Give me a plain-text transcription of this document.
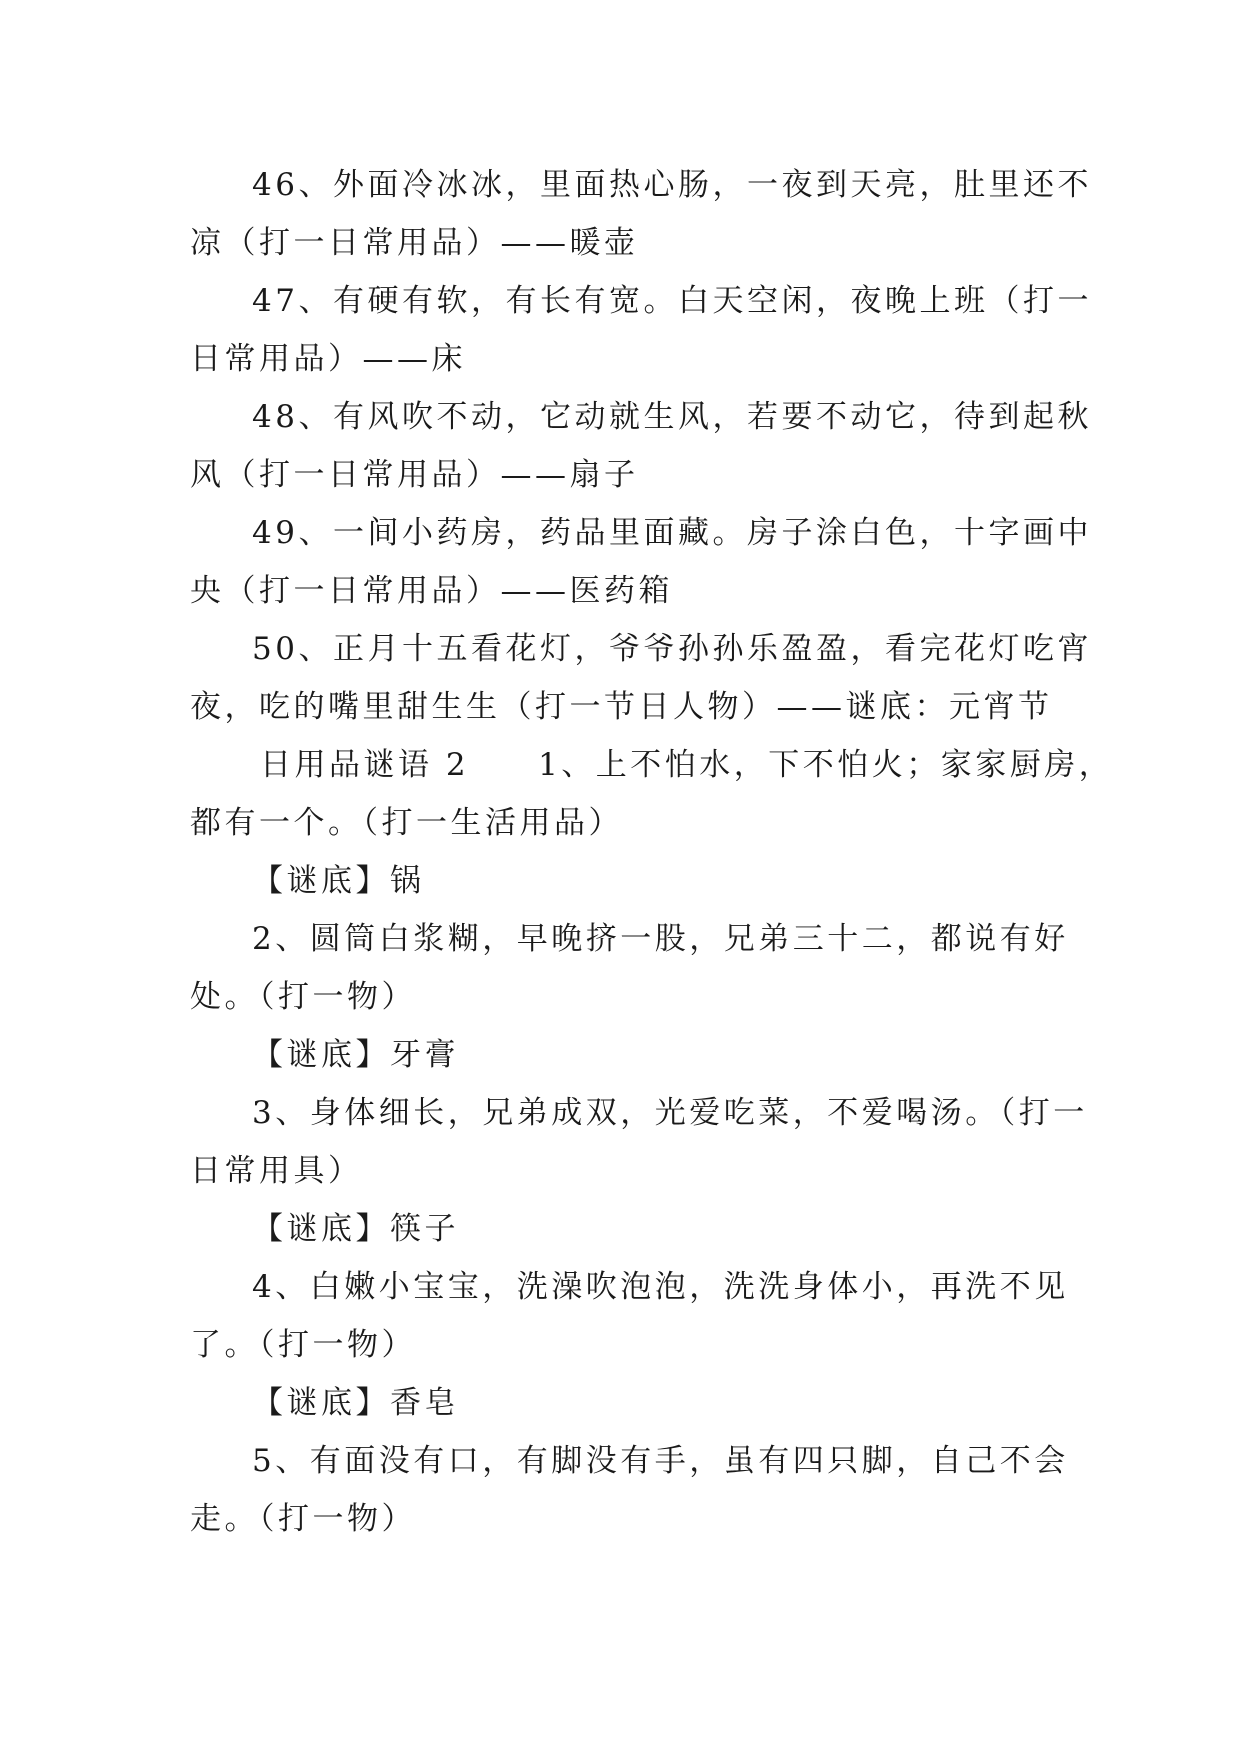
46、外面冷冰冰，里面热心肠，一夜到天亮，肚里还不
凉（打一日常用品）——暖壶
47、有硬有软，有长有宽。白天空闲，夜晚上班（打一
日常用品）——床
48、有风吹不动，它动就生风，若要不动它，待到起秋
风（打一日常用品）——扇子
49、一间小药房，药品里面藏。房子涂白色，十字画中
央（打一日常用品）——医药箱
50、正月十五看花灯，爷爷孙孙乐盈盈，看完花灯吃宵
夜，吃的嘴里甜生生（打一节日人物）——谜底：元宵节
日用品谜语 2　　1、上不怕水，下不怕火；家家厨房，
都有一个。（打一生活用品）
【谜底】锅
2、圆筒白浆糊，早晚挤一股，兄弟三十二，都说有好
处。（打一物）
【谜底】牙膏
3、身体细长，兄弟成双，光爱吃菜，不爱喝汤。（打一
日常用具）
【谜底】筷子
4、白嫩小宝宝，洗澡吹泡泡，洗洗身体小，再洗不见
了。（打一物）
【谜底】香皂
5、有面没有口，有脚没有手，虽有四只脚，自己不会
走。（打一物）
